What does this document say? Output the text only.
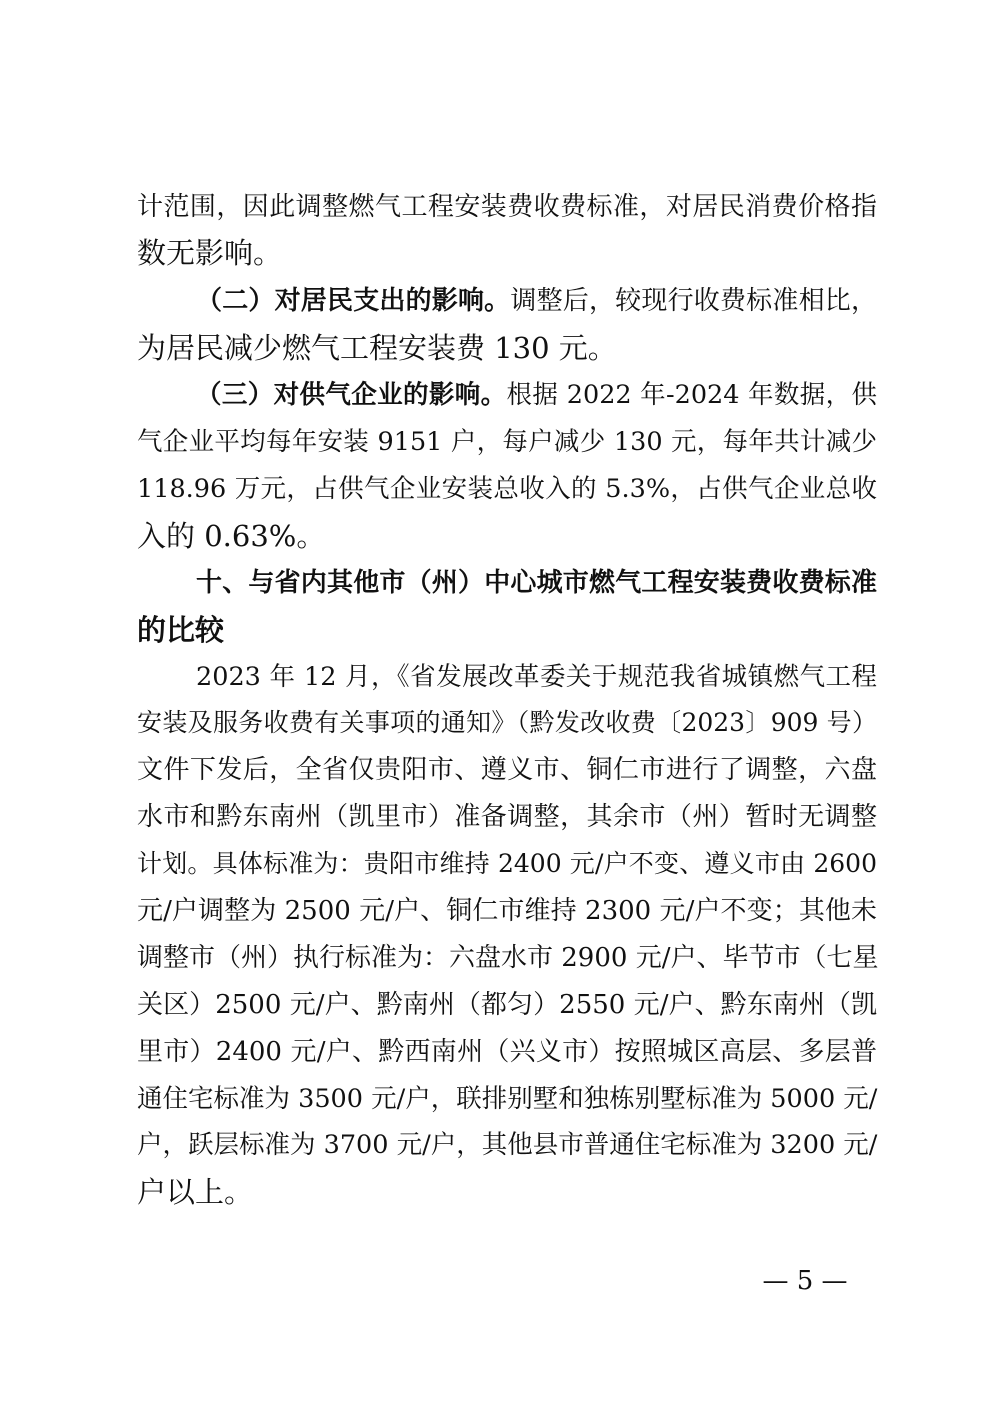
计范围，因此调整燃气工程安装费收费标准，对居民消费价格指
数无影响。
（二）对居民支出的影响。调整后，较现行收费标准相比，
为居民减少燃气工程安装费 130 元。
（三）对供气企业的影响。根据 2022 年-2024 年数据，供
气企业平均每年安装 9151 户，每户减少 130 元，每年共计减少
118.96 万元，占供气企业安装总收入的 5.3%，占供气企业总收
入的 0.63%。
十、与省内其他市（州）中心城市燃气工程安装费收费标准
的比较
2023 年 12 月，《省发展改革委关于规范我省城镇燃气工程
安装及服务收费有关事项的通知》（黔发改收费〔2023〕909 号）
文件下发后，全省仅贵阳市、遵义市、铜仁市进行了调整，六盘
水市和黔东南州（凯里市）准备调整，其余市（州）暂时无调整
计划。具体标准为：贵阳市维持 2400 元/户不变、遵义市由 2600
元/户调整为 2500 元/户、铜仁市维持 2300 元/户不变；其他未
调整市（州）执行标准为：六盘水市 2900 元/户、毕节市（七星
关区）2500 元/户、黔南州（都匀）2550 元/户、黔东南州（凯
里市）2400 元/户、黔西南州（兴义市）按照城区高层、多层普
通住宅标准为 3500 元/户，联排别墅和独栋别墅标准为 5000 元/
户，跃层标准为 3700 元/户，其他县市普通住宅标准为 3200 元/
户以上。
— 5 —
